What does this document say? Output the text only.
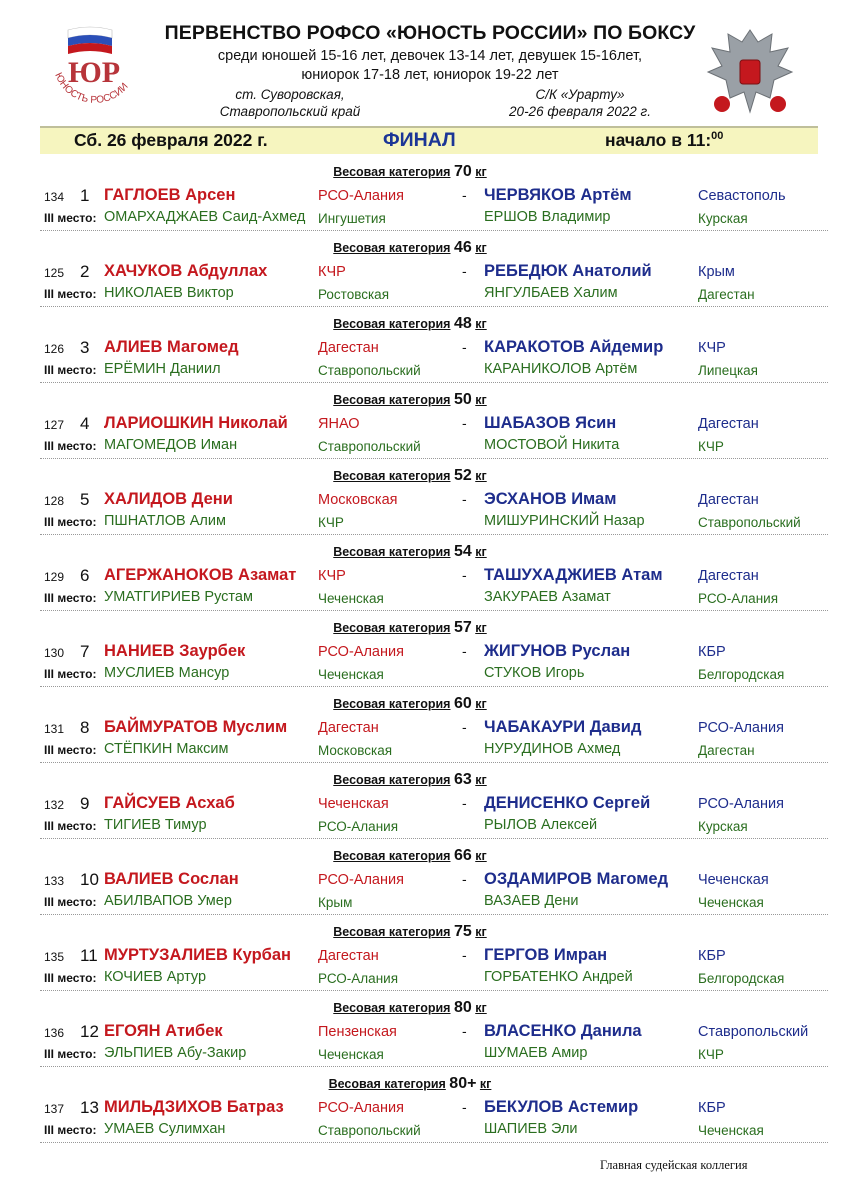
ЮР
ЮНОСТЬ РОССИИ
ПЕРВЕНСТВО РОФСО «ЮНОСТЬ РОССИИ» ПО БОКСУ
среди юношей 15-16 лет, девочек 13-14 лет, девушек 15-16лет,
юниорок 17-18 лет, юниорок 19-22 лет
ст. Суворовская,
Ставропольский край
С/К «Урарту»
20-26 февраля 2022 г.
Сб. 26 февраля 2022 г.	ФИНАЛ	начало в 11:$^{00}$
Весовая категория 70 кг
134 1 ГАГЛОЕВ Арсен	РСО-Алания	- ЧЕРВЯКОВ Артём	Севастополь
III место: ОМАРХАДЖАЕВ Саид-Ахмед Ингушетия	ЕРШОВ Владимир	Курская
Весовая категория 46 кг
125 2 ХАЧУКОВ Абдуллах	КЧР	- РЕБЕДЮК Анатолий	Крым
III место: НИКОЛАЕВ Виктор	Ростовская	ЯНГУЛБАЕВ Халим	Дагестан
Весовая категория 48 кг
126 3 АЛИЕВ Магомед	Дагестан	- КАРАКОТОВ Айдемир КЧР
III место: ЕРЁМИН Даниил	Ставропольский	КАРАНИКОЛОВ Артём	Липецкая
Весовая категория 50 кг
127 4 ЛАРИОШКИН Николай ЯНАО	- ШАБАЗОВ Ясин	Дагестан
III место: МАГОМЕДОВ Иман	Ставропольский	МОСТОВОЙ Никита	КЧР
Весовая категория 52 кг
128 5 ХАЛИДОВ Дени	Московская	- ЭСХАНОВ Имам	Дагестан
III место: ПШНАТЛОВ Алим	КЧР	МИШУРИНСКИЙ Назар	Ставропольский
Весовая категория 54 кг
129 6 АГЕРЖАНОКОВ Азамат КЧР	- ТАШУХАДЖИЕВ Атам Дагестан
III место: УМАТГИРИЕВ Рустам	Чеченская	ЗАКУРАЕВ Азамат	РСО-Алания
Весовая категория 57 кг
130 7 НАНИЕВ Заурбек	РСО-Алания	- ЖИГУНОВ Руслан	КБР
III место: МУСЛИЕВ Мансур	Чеченская	СТУКОВ Игорь	Белгородская
Весовая категория 60 кг
131 8 БАЙМУРАТОВ Муслим Дагестан	- ЧАБАКАУРИ Давид	РСО-Алания
III место: СТЁПКИН Максим	Московская	НУРУДИНОВ Ахмед	Дагестан
Весовая категория 63 кг
132 9 ГАЙСУЕВ Асхаб	Чеченская	- ДЕНИСЕНКО Сергей	РСО-Алания
III место: ТИГИЕВ Тимур	РСО-Алания	РЫЛОВ Алексей	Курская
Весовая категория 66 кг
133 10 ВАЛИЕВ Сослан	РСО-Алания	- ОЗДАМИРОВ Магомед Чеченская
III место: АБИЛВАПОВ Умер	Крым	ВАЗАЕВ Дени	Чеченская
Весовая категория 75 кг
135 11 МУРТУЗАЛИЕВ Курбан Дагестан	- ГЕРГОВ Имран	КБР
III место: КОЧИЕВ Артур	РСО-Алания	ГОРБАТЕНКО Андрей	Белгородская
Весовая категория 80 кг
136 12 ЕГОЯН Атибек	Пензенская	- ВЛАСЕНКО Данила	Ставропольский
III место: ЭЛЬПИЕВ Абу-Закир	Чеченская	ШУМАЕВ Амир	КЧР
Весовая категория 80+ кг
137 13 МИЛЬДЗИХОВ Батраз РСО-Алания	- БЕКУЛОВ Астемир	КБР
III место: УМАЕВ Сулимхан	Ставропольский	ШАПИЕВ Эли	Чеченская
Главная судейская коллегия
